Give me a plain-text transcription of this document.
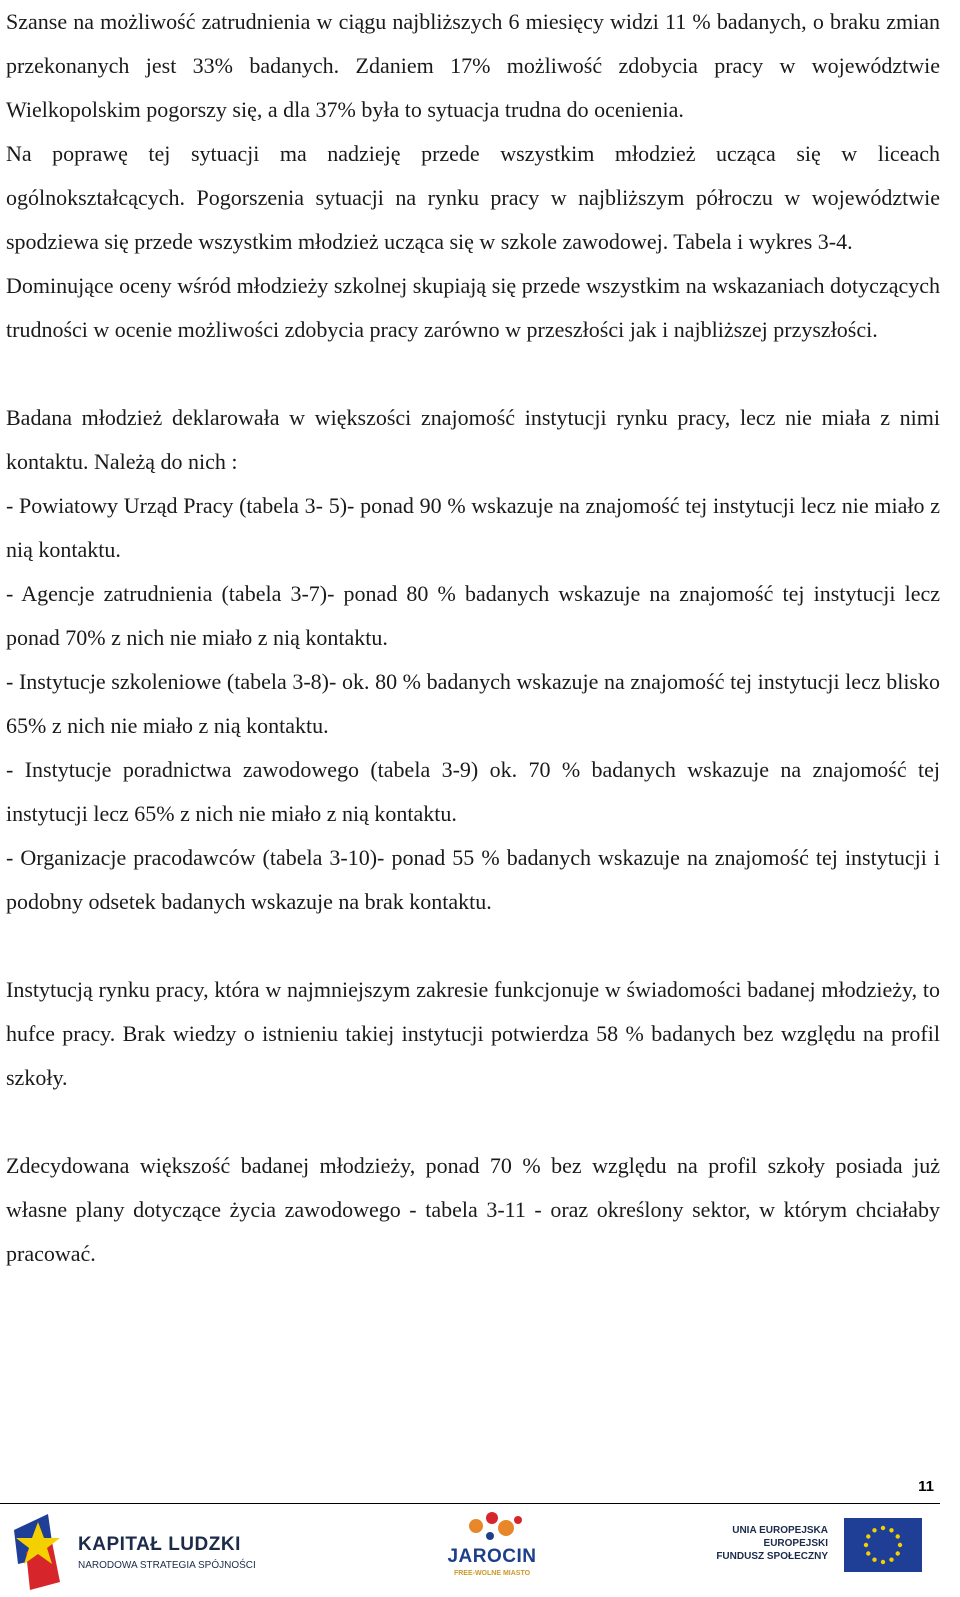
Szanse na możliwość zatrudnienia w ciągu najbliższych 6 miesięcy widzi 11 % badanych, o braku zmian przekonanych jest 33% badanych. Zdaniem 17% możliwość zdobycia pracy w województwie Wielkopolskim pogorszy się, a dla 37% była to sytuacja trudna do ocenienia.

Na poprawę tej sytuacji ma nadzieję przede wszystkim młodzież ucząca się w liceach ogólnokształcących. Pogorszenia sytuacji na rynku pracy w najbliższym półroczu w województwie spodziewa się przede wszystkim młodzież ucząca się w szkole zawodowej. Tabela i wykres 3-4.

Dominujące oceny wśród młodzieży szkolnej skupiają się przede wszystkim na wskazaniach dotyczących trudności w ocenie możliwości zdobycia pracy zarówno w przeszłości jak i najbliższej przyszłości.

Badana młodzież deklarowała w większości znajomość instytucji rynku pracy, lecz nie miała z nimi kontaktu. Należą do nich :

- Powiatowy Urząd Pracy (tabela 3- 5)- ponad 90 % wskazuje na znajomość tej instytucji lecz nie miało z nią kontaktu.

- Agencje zatrudnienia (tabela 3-7)- ponad 80 % badanych wskazuje na znajomość tej instytucji lecz ponad 70% z nich nie miało z nią kontaktu.

- Instytucje szkoleniowe (tabela 3-8)- ok. 80 % badanych wskazuje na znajomość tej instytucji lecz blisko 65% z nich nie miało z nią kontaktu.

- Instytucje poradnictwa zawodowego (tabela 3-9) ok. 70 % badanych wskazuje na znajomość tej instytucji lecz 65% z nich nie miało z nią kontaktu.

- Organizacje pracodawców (tabela 3-10)- ponad 55 % badanych wskazuje na znajomość tej instytucji i podobny odsetek badanych wskazuje na brak kontaktu.

Instytucją rynku pracy, która w najmniejszym zakresie funkcjonuje w świadomości badanej młodzieży, to hufce pracy. Brak wiedzy o istnieniu takiej instytucji potwierdza 58 % badanych bez względu na profil szkoły.

Zdecydowana większość badanej młodzieży, ponad 70 % bez względu na profil szkoły posiada już własne plany dotyczące życia zawodowego - tabela 3-11 - oraz określony sektor, w którym chciałaby pracować.

11
KAPITAŁ LUDZKI
NARODOWA STRATEGIA SPÓJNOŚCI	JAROCIN
FREE-WOLNE MIASTO
UNIA EUROPEJSKA
EUROPEJSKI
FUNDUSZ SPOŁECZNY
